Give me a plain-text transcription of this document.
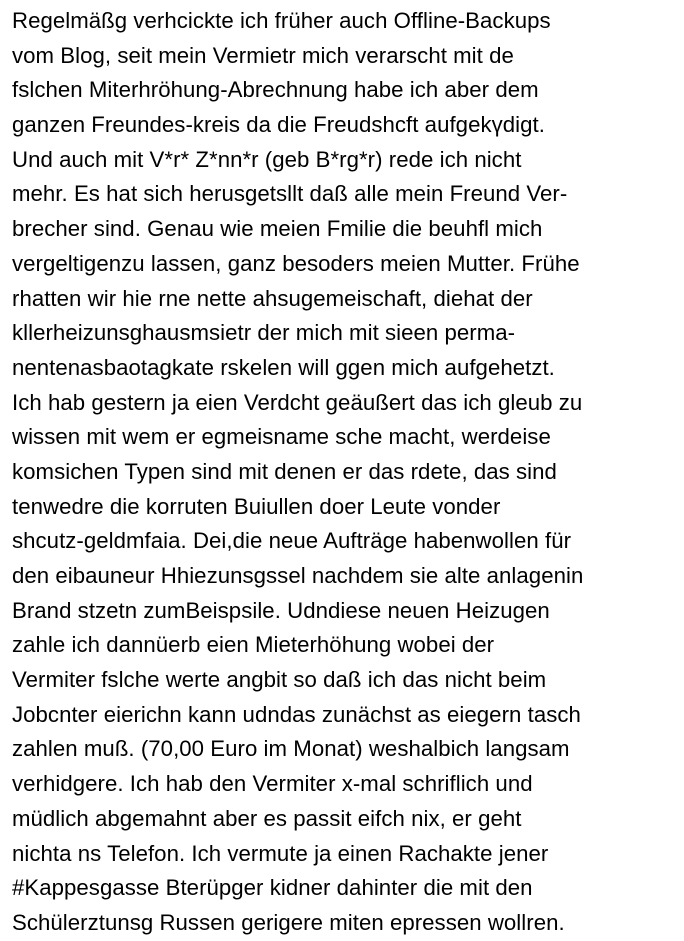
Regelmäßg verhcickte ich früher auch Offline-Backups
vom Blog, seit mein Vermietr mich verarscht mit de
fslchen Miterhröhung-Abrechnung habe ich aber dem
ganzen Freundes-kreis da die Freudshcft aufgekүdigt.
Und auch mit V*r* Z*nn*r (geb B*rg*r) rede ich nicht
mehr. Es hat sich herusgetsllt daß alle mein Freund Ver-
brecher sind. Genau wie meien Fmilie die beuhfl mich
vergeltigenzu lassen, ganz besoders meien Mutter. Frühe
rhatten wir hie rne nette ahsugemeischaft, diehat der
kllerheizunsghausmsietr der mich mit sieen perma-
nentenasbaotagkate rskelen will ggen mich aufgehetzt.
Ich hab gestern ja eien Verdcht geäußert das ich gleub zu
wissen mit wem er egmeisname sche macht, werdeise
komsichen Typen sind mit denen er das rdete, das sind
tenwedre die korruten Buiullen doer Leute vonder
shcutz-geldmfaia. Dei,die neue Aufträge habenwollen für
den eibauneur Hhiezunsgssel nachdem sie alte anlagenin
Brand stzetn zumBeispsile. Udndiese neuen Heizugen
zahle ich dannüerb eien Mieterhöhung wobei der
Vermiter fslche werte angbit so daß ich das nicht beim
Jobcnter eierichn kann udndas zunächst as eiegern tasch
zahlen muß. (70,00 Euro im Monat) weshalbich langsam
verhidgere. Ich hab den Vermiter x-mal schriflich und
müdlich abgemahnt aber es passit eifch nix, er geht
nichta ns Telefon. Ich vermute ja einen Rachakte jener
#Kappesgasse Bterüpger kidner dahinter die mit den
Schülerztunsg Russen gerigere miten epressen wollren.
